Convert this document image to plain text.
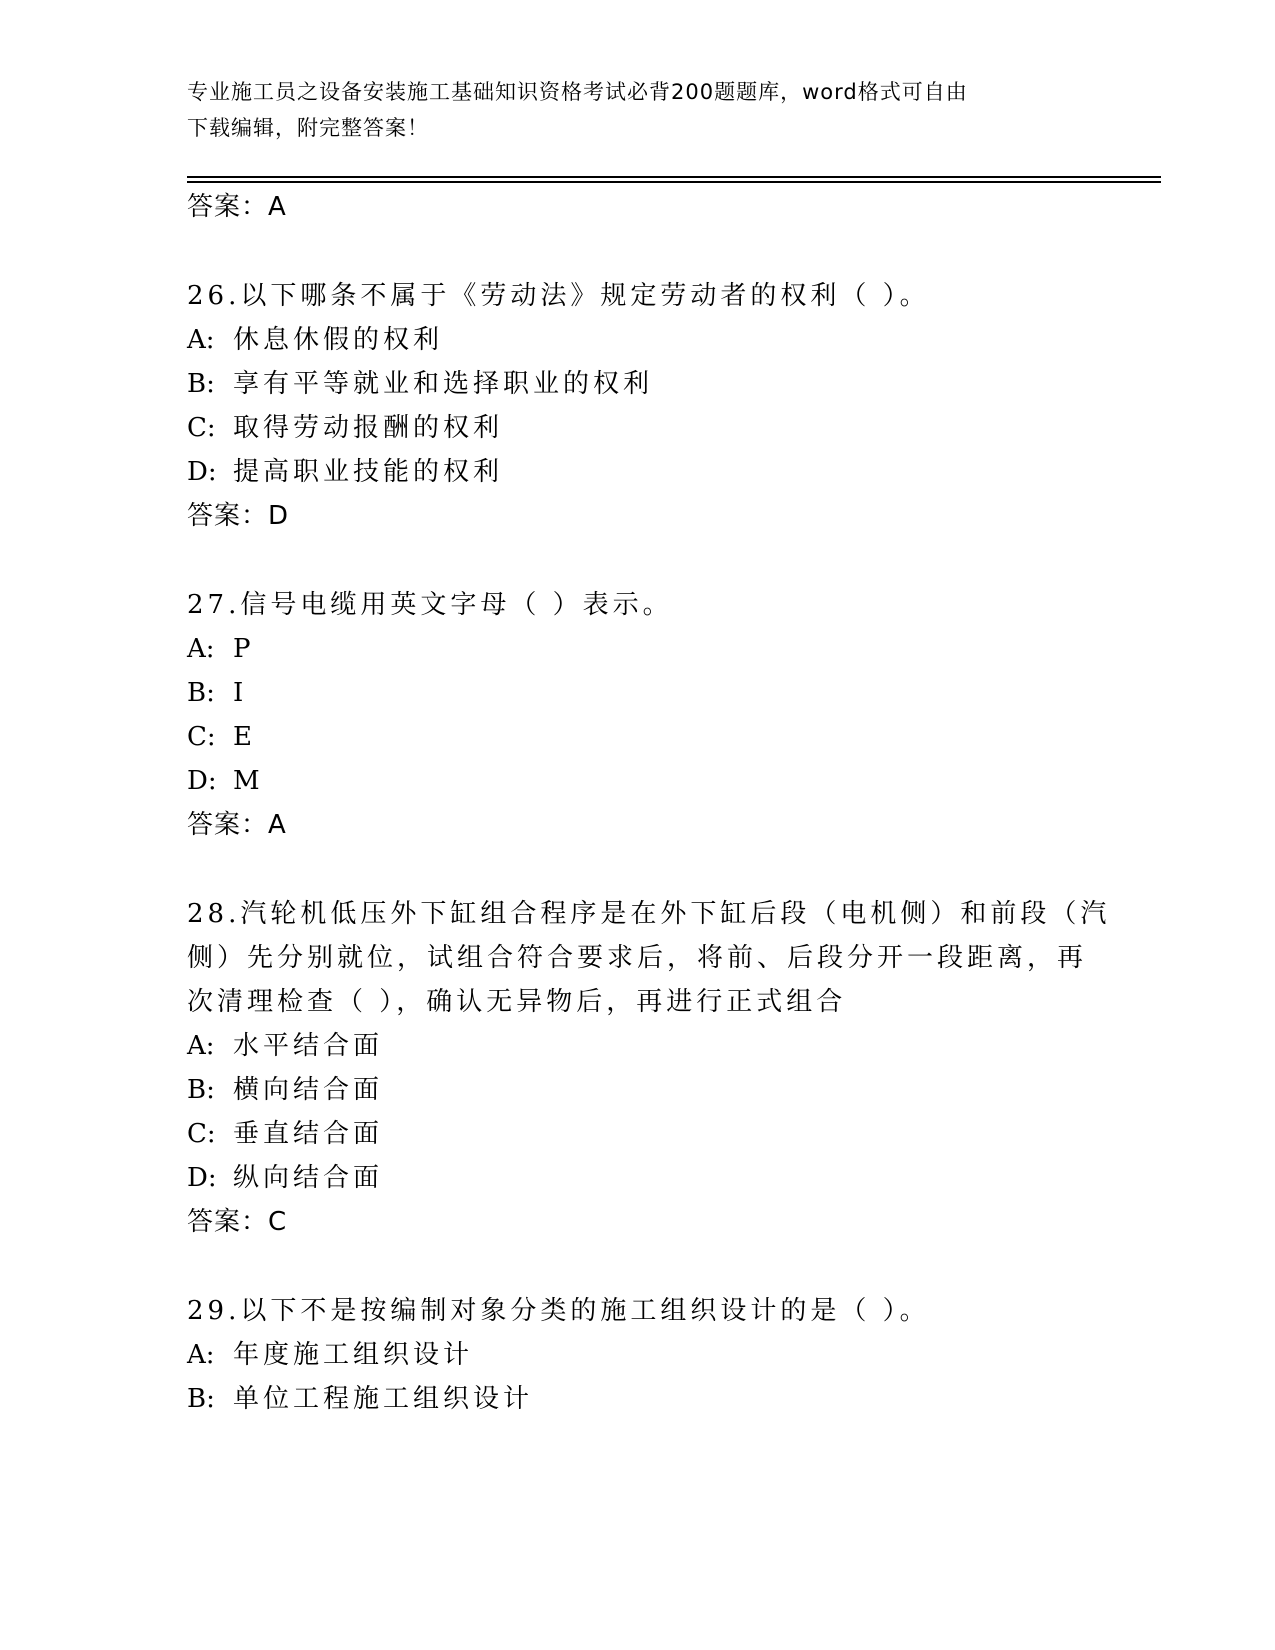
专业施工员之设备安装施工基础知识资格考试必背200题题库，word格式可自由
下载编辑，附完整答案！
答案：A
26.以下哪条不属于《劳动法》规定劳动者的权利（ ）。
A: 休息休假的权利
B: 享有平等就业和选择职业的权利
C: 取得劳动报酬的权利
D: 提高职业技能的权利
答案：D
27.信号电缆用英文字母（ ）表示。
A: P
B: I
C: E
D: M
答案：A
28.汽轮机低压外下缸组合程序是在外下缸后段（电机侧）和前段（汽
侧）先分别就位，试组合符合要求后，将前、后段分开一段距离，再
次清理检查（ ），确认无异物后，再进行正式组合
A: 水平结合面
B: 横向结合面
C: 垂直结合面
D: 纵向结合面
答案：C
29.以下不是按编制对象分类的施工组织设计的是（ ）。
A: 年度施工组织设计
B: 单位工程施工组织设计
